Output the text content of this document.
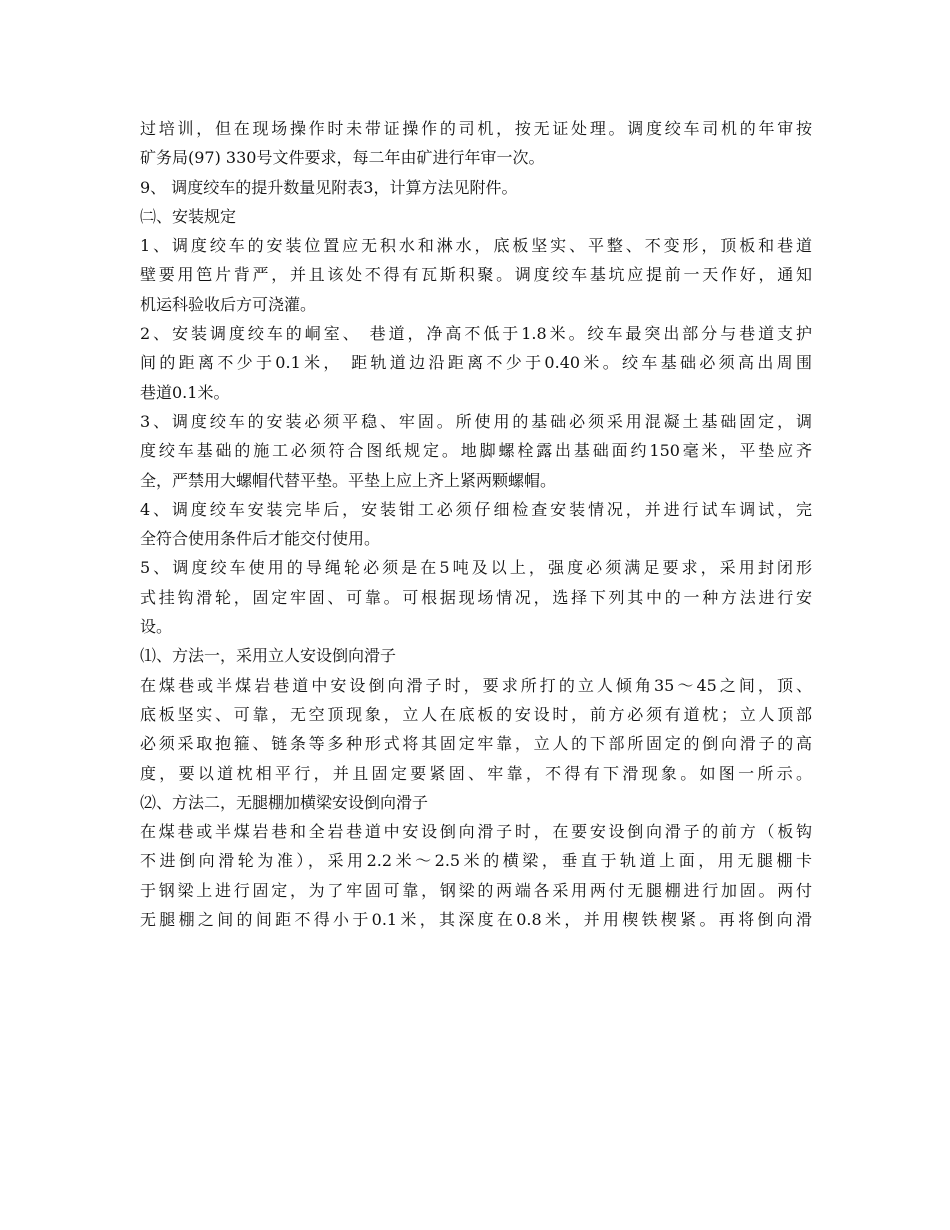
过培训，但在现场操作时未带证操作的司机，按无证处理。调度绞车司机的年审按
矿务局(97) 330号文件要求，每二年由矿进行年审一次。
9、 调度绞车的提升数量见附表3，计算方法见附件。
㈡、安装规定
1、调度绞车的安装位置应无积水和淋水，底板坚实、平整、不变形，顶板和巷道
壁要用笆片背严，并且该处不得有瓦斯积聚。调度绞车基坑应提前一天作好，通知
机运科验收后方可浇灌。
2、安装调度绞车的峒室、 巷道，净高不低于1.8米。绞车最突出部分与巷道支护
间的距离不少于0.1米， 距轨道边沿距离不少于0.40米。绞车基础必须高出周围
巷道0.1米。
3、调度绞车的安装必须平稳、牢固。所使用的基础必须采用混凝土基础固定，调
度绞车基础的施工必须符合图纸规定。地脚螺栓露出基础面约150毫米，平垫应齐
全，严禁用大螺帽代替平垫。平垫上应上齐上紧两颗螺帽。
4、调度绞车安装完毕后，安装钳工必须仔细检查安装情况，并进行试车调试，完
全符合使用条件后才能交付使用。
5、调度绞车使用的导绳轮必须是在5吨及以上，强度必须满足要求，采用封闭形
式挂钩滑轮，固定牢固、可靠。可根据现场情况，选择下列其中的一种方法进行安
设。
⑴、方法一，采用立人安设倒向滑子
在煤巷或半煤岩巷道中安设倒向滑子时，要求所打的立人倾角35～45之间，顶、
底板坚实、可靠，无空顶现象，立人在底板的安设时，前方必须有道枕；立人顶部
必须采取抱箍、链条等多种形式将其固定牢靠，立人的下部所固定的倒向滑子的高
度，要以道枕相平行，并且固定要紧固、牢靠，不得有下滑现象。如图一所示。
⑵、方法二，无腿棚加横梁安设倒向滑子
在煤巷或半煤岩巷和全岩巷道中安设倒向滑子时，在要安设倒向滑子的前方（板钩
不进倒向滑轮为准），采用2.2米～2.5米的横梁，垂直于轨道上面，用无腿棚卡
于钢梁上进行固定，为了牢固可靠，钢梁的两端各采用两付无腿棚进行加固。两付
无腿棚之间的间距不得小于0.1米，其深度在0.8米，并用楔铁楔紧。再将倒向滑
